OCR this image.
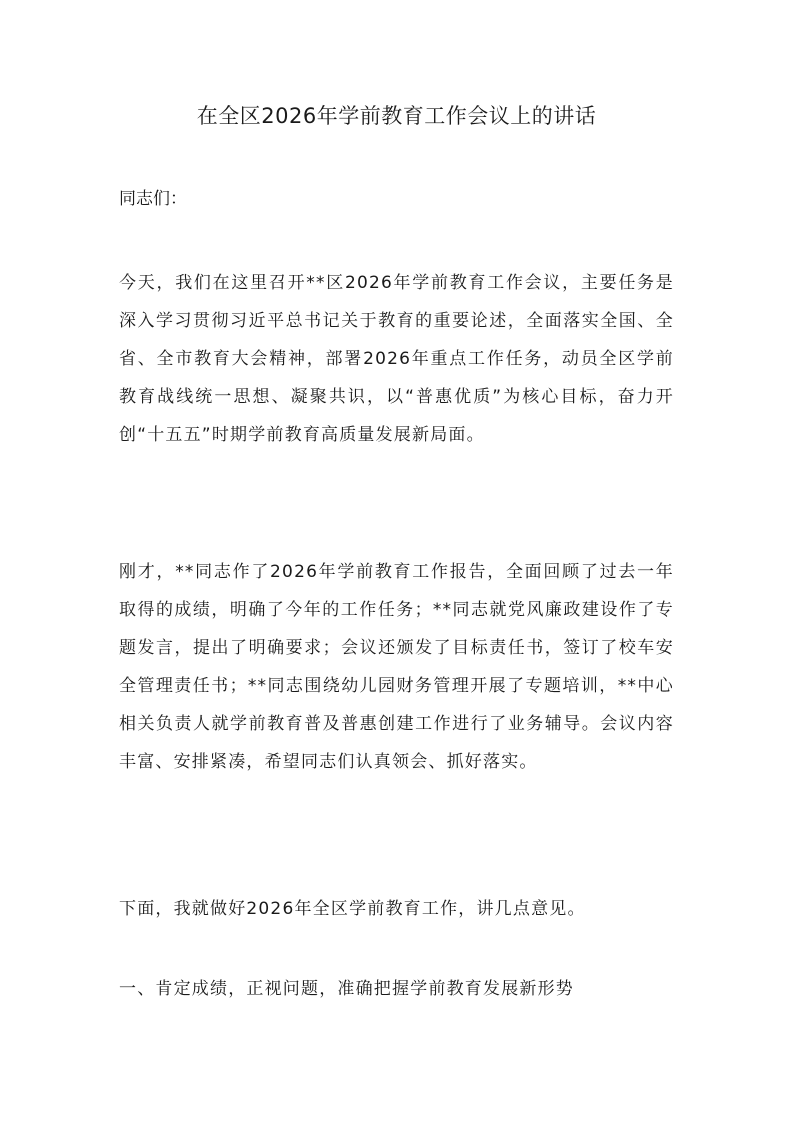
在全区2026年学前教育工作会议上的讲话

同志们：

今天，我们在这里召开**区2026年学前教育工作会议，主要任务是深入学习贯彻习近平总书记关于教育的重要论述，全面落实全国、全省、全市教育大会精神，部署2026年重点工作任务，动员全区学前教育战线统一思想、凝聚共识，以“普惠优质”为核心目标，奋力开创“十五五”时期学前教育高质量发展新局面。

刚才，**同志作了2026年学前教育工作报告，全面回顾了过去一年取得的成绩，明确了今年的工作任务；**同志就党风廉政建设作了专题发言，提出了明确要求；会议还颁发了目标责任书，签订了校车安全管理责任书；**同志围绕幼儿园财务管理开展了专题培训，**中心相关负责人就学前教育普及普惠创建工作进行了业务辅导。会议内容丰富、安排紧凑，希望同志们认真领会、抓好落实。

下面，我就做好2026年全区学前教育工作，讲几点意见。

一、肯定成绩，正视问题，准确把握学前教育发展新形势
